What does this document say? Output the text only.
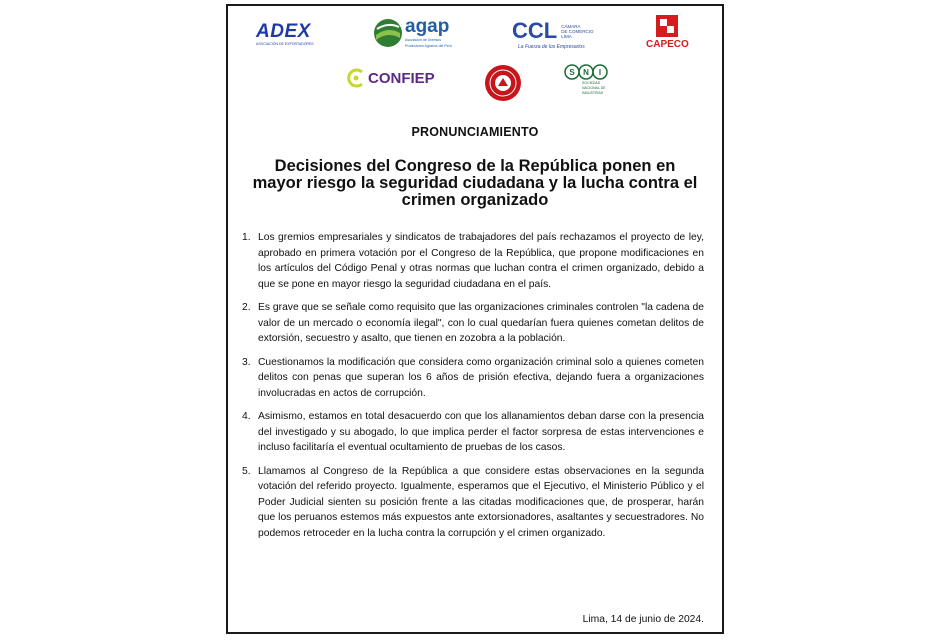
ADEX
ASOCIACIÓN DE EXPORTADORES
agap
Asociación de Gremios
Productores Agrarios del Perú
CCL CÁMARA
DE COMERCIO
LIMA
La Fuerza de los Empresarios	CAPECO
CONFIEP	S N I
SOCIEDAD
NACIONAL DE
INDUSTRIAS
PRONUNCIAMIENTO
Decisiones del Congreso de la República ponen en mayor riesgo la seguridad ciudadana y la lucha contra el crimen organizado
1. Los gremios empresariales y sindicatos de trabajadores del país rechazamos el proyecto de ley, aprobado en primera votación por el Congreso de la República, que propone modificaciones en los artículos del Código Penal y otras normas que luchan contra el crimen organizado, debido a que se pone en mayor riesgo la seguridad ciudadana en el país.
2. Es grave que se señale como requisito que las organizaciones criminales controlen "la cadena de valor de un mercado o economía ilegal", con lo cual quedarían fuera quienes cometan delitos de extorsión, secuestro y asalto, que tienen en zozobra a la población.
3. Cuestionamos la modificación que considera como organización criminal solo a quienes cometen delitos con penas que superan los 6 años de prisión efectiva, dejando fuera a organizaciones involucradas en actos de corrupción.
4. Asimismo, estamos en total desacuerdo con que los allanamientos deban darse con la presencia del investigado y su abogado, lo que implica perder el factor sorpresa de estas intervenciones e incluso facilitaría el eventual ocultamiento de pruebas de los casos.
5. Llamamos al Congreso de la República a que considere estas observaciones en la segunda votación del referido proyecto. Igualmente, esperamos que el Ejecutivo, el Ministerio Público y el Poder Judicial sienten su posición frente a las citadas modificaciones que, de prosperar, harán que los peruanos estemos más expuestos ante extorsionadores, asaltantes y secuestradores. No podemos retroceder en la lucha contra la corrupción y el crimen organizado.
Lima, 14 de junio de 2024.
